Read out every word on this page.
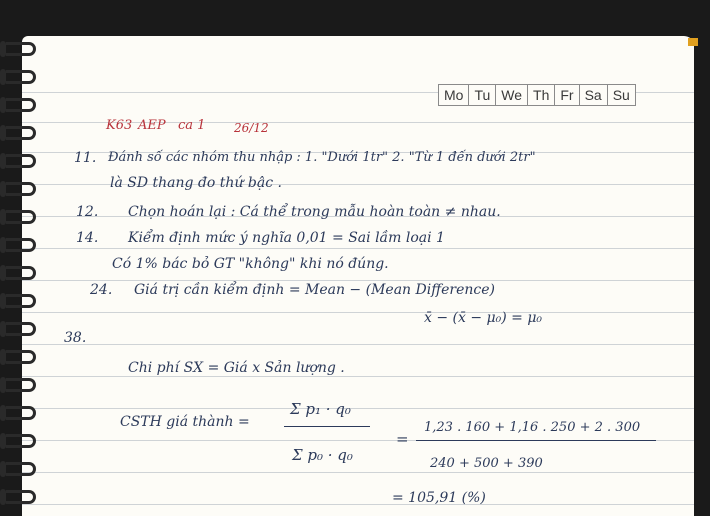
Mo Tu We Th Fr Sa Su
K63 AEP ca 1 26/12
11. Đánh số các nhóm thu nhập : 1. "Dưới 1tr" 2. "Từ 1 đến dưới 2tr"
là SD thang đo thứ bậc .
12. Chọn hoán lại : Cá thể trong mẫu hoàn toàn ≠ nhau.
14. Kiểm định mức ý nghĩa 0,01 = Sai lầm loại 1
Có 1% bác bỏ GT "không" khi nó đúng.
24. Giá trị cần kiểm định = Mean − (Mean Difference)
x̄ − (x̄ − μ₀) = μ₀
38.
Chi phí SX = Giá x Sản lượng .
CSTH giá thành =
Σ p₁ · q₀
Σ p₀ · q₀
=
1,23 . 160 + 1,16 . 250 + 2 . 300
240 + 500 + 390
= 105,91 (%)
